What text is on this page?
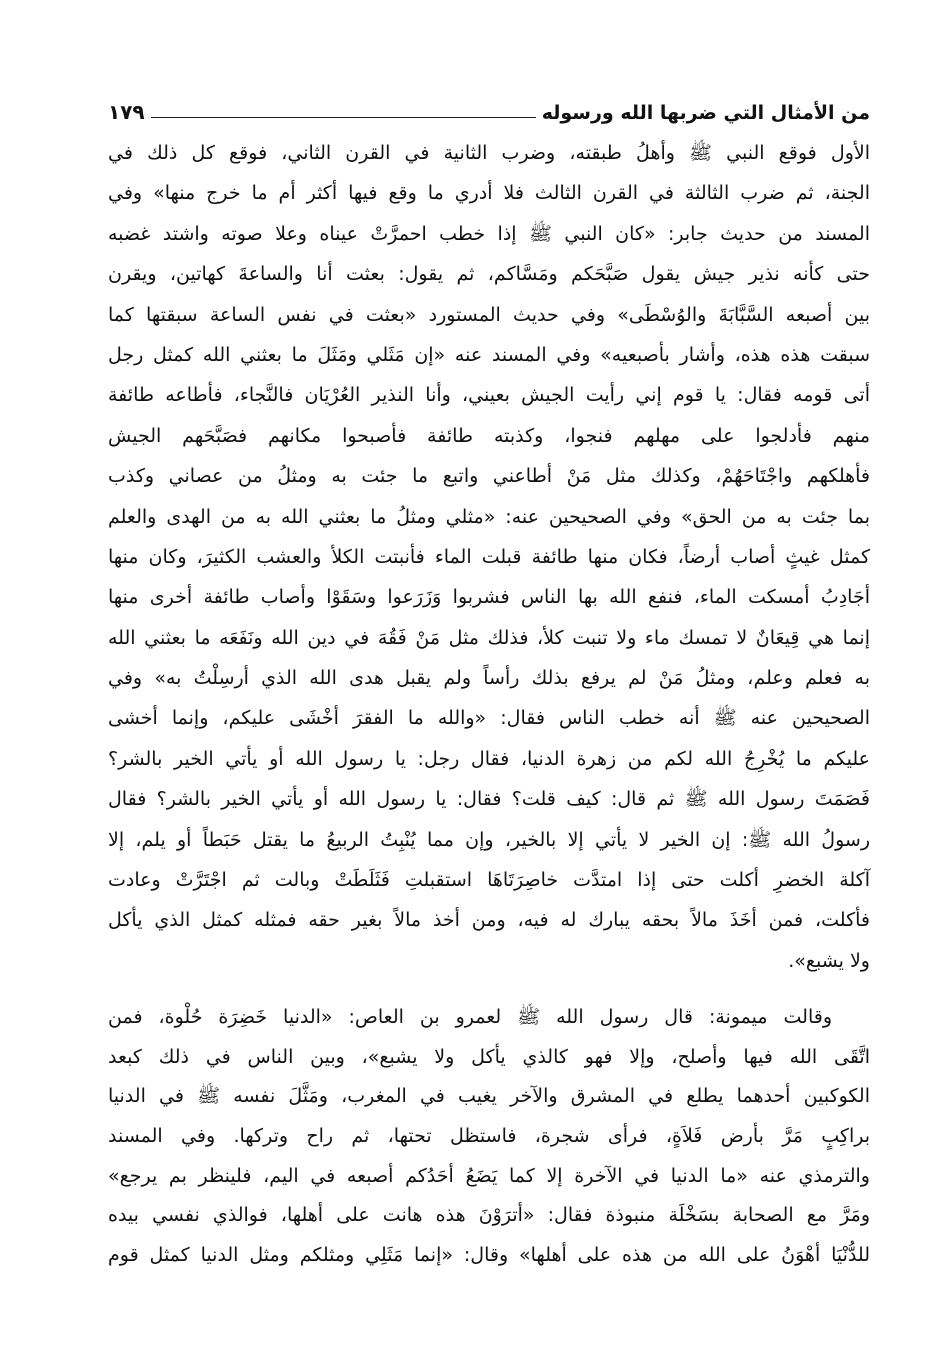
من الأمثال التي ضربها الله ورسوله
١٧٩
الأول فوقع النبي ﷺ وأهلُ طبقته، وضرب الثانية في القرن الثاني، فوقع كل ذلك في
الجنة، ثم ضرب الثالثة في القرن الثالث فلا أدري ما وقع فيها أكثر أم ما خرج منها» وفي
المسند من حديث جابر: «كان النبي ﷺ إذا خطب احمرَّتْ عيناه وعلا صوته واشتد غضبه
حتى كأنه نذير جيش يقول صَبَّحَكم ومَسَّاكم، ثم يقول: بعثت أنا والساعةَ كهاتين، ويقرن
بين أصبعه السَّبَّابَةَ والوُسْطَى» وفي حديث المستورد «بعثت في نفس الساعة سبقتها كما
سبقت هذه هذه، وأشار بأصبعيه» وفي المسند عنه «إن مَثَلي ومَثَلَ ما بعثني الله كمثل رجل
أتى قومه فقال: يا قوم إني رأيت الجيش بعيني، وأنا النذير العُرْيَان فالنَّجاء، فأطاعه طائفة
منهم فأدلجوا على مهلهم فنجوا، وكذبته طائفة فأصبحوا مكانهم فصَبَّحَهم الجيش
فأهلكهم واجْتَاحَهُمْ، وكذلك مثل مَنْ أطاعني واتبع ما جئت به ومثلُ من عصاني وكذب
بما جئت به من الحق» وفي الصحيحين عنه: «مثلي ومثلُ ما بعثني الله به من الهدى والعلم
كمثل غيثٍ أصاب أرضاً، فكان منها طائفة قبلت الماء فأنبتت الكلأ والعشب الكثيرَ، وكان منها
أجَادِبُ أمسكت الماء، فنفع الله بها الناس فشربوا وَزَرَعوا وسَقَوْا وأصاب طائفة أخرى منها
إنما هي قِيعَانٌ لا تمسك ماء ولا تنبت كلأ، فذلك مثل مَنْ فَقُهَ في دين الله ونَفَعَه ما بعثني الله
به فعلم وعلم، ومثلُ مَنْ لم يرفع بذلك رأساً ولم يقبل هدى الله الذي أرسِلْتُ به» وفي
الصحيحين عنه ﷺ أنه خطب الناس فقال: «والله ما الفقرَ أخْشَى عليكم، وإنما أخشى
عليكم ما يُخْرِجُ الله لكم من زهرة الدنيا، فقال رجل: يا رسول الله أو يأتي الخير بالشر؟
فَصَمَتَ رسول الله ﷺ ثم قال: كيف قلت؟ فقال: يا رسول الله أو يأتي الخير بالشر؟ فقال
رسولُ الله ﷺ: إن الخير لا يأتي إلا بالخير، وإن مما يُنْبِتُ الربيعُ ما يقتل حَبَطاً أو يلم، إلا
آكلة الخضرِ أكلت حتى إذا امتدَّت خاصِرَتَاهَا استقبلتِ فَثَلَطَتْ وبالت ثم اجْتَرَّتْ وعادت
فأكلت، فمن أخَذَ مالاً بحقه يبارك له فيه، ومن أخذ مالاً بغير حقه فمثله كمثل الذي يأكل
ولا يشبع».
وقالت ميمونة: قال رسول الله ﷺ لعمرو بن العاص: «الدنيا خَضِرَة حُلْوة، فمن
اتَّقَى الله فيها وأصلح، وإلا فهو كالذي يأكل ولا يشبع»، وبين الناس في ذلك كبعد
الكوكبين أحدهما يطلع في المشرق والآخر يغيب في المغرب، ومَثَّلَ نفسه ﷺ في الدنيا
براكِبٍ مَرَّ بأرض فَلاَةٍ، فرأى شجرة، فاستظل تحتها، ثم راح وتركها. وفي المسند
والترمذي عنه «ما الدنيا في الآخرة إلا كما يَضَعُ أحَدُكم أصبعه في اليم، فلينظر بم يرجع»
ومَرَّ مع الصحابة بسَخْلَة منبوذة فقال: «أترَوْنَ هذه هانت على أهلها، فوالذي نفسي بيده
للدُّنْيَا أهْوَنُ على الله من هذه على أهلها» وقال: «إنما مَثَلِي ومثلكم ومثل الدنيا كمثل قوم
